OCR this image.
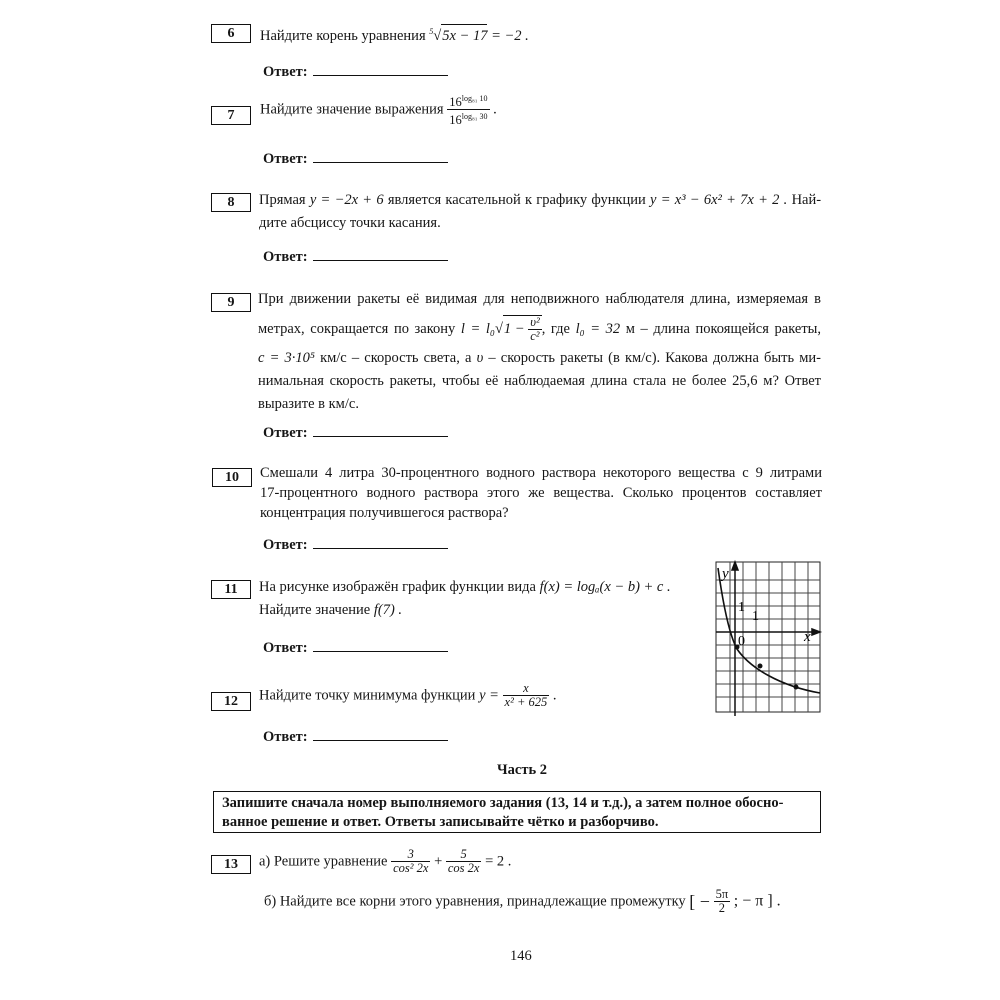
6	Найдите корень уравнения $^5$√5x − 17 = −2 .
Ответ:
7	Найдите значение выражения $\frac{16^{log_{81} 10}}{16^{log_{81} 30}}$ .
Ответ:
8	Прямая y = −2x + 6 является касательной к графику функции y = x³ − 6x² + 7x + 2 . Най-
дите абсциссу точки касания.
Ответ:
9	При движении ракеты её видимая для неподвижного наблюдателя длина, измеряемая в
метрах, сокращается по закону $l = l_0√1 - \frac{\text{υ²}}{\text{c²}}$ , где l₀ = 32 м – длина покоящейся ракеты,
c = 3·10⁵ км/с – скорость света, а υ – скорость ракеты (в км/с). Какова должна быть ми-
нимальная скорость ракеты, чтобы её наблюдаемая длина стала не более 25,6 м? Ответ
выразите в км/с.
Ответ:
10	Смешали 4 литра 30-процентного водного раствора некоторого вещества с 9 литрами
17-процентного водного раствора этого же вещества. Сколько процентов составляет
концентрация получившегося раствора?
Ответ:
11	На рисунке изображён график функции вида f(x) = logₐ(x − b) + c .
Найдите значение f(7) .
Ответ:
y
x
1
1
0
12	Найдите точку минимума функции $y = \frac{x}{\text{x² + 625}}$ .
Ответ:
Часть 2
Запишите сначала номер выполняемого задания (13, 14 и т.д.), а затем полное обосно-ванное решение и ответ. Ответы записывайте чётко и разборчиво.
13	а) Решите уравнение $\frac{3}{\text{cos² 2x}} + \frac{5}{\cos 2x} = 2$ .
б) Найдите все корни этого уравнения, принадлежащие промежутку [ − $\frac{5\pi}{2}$ ; − π ] .
146
